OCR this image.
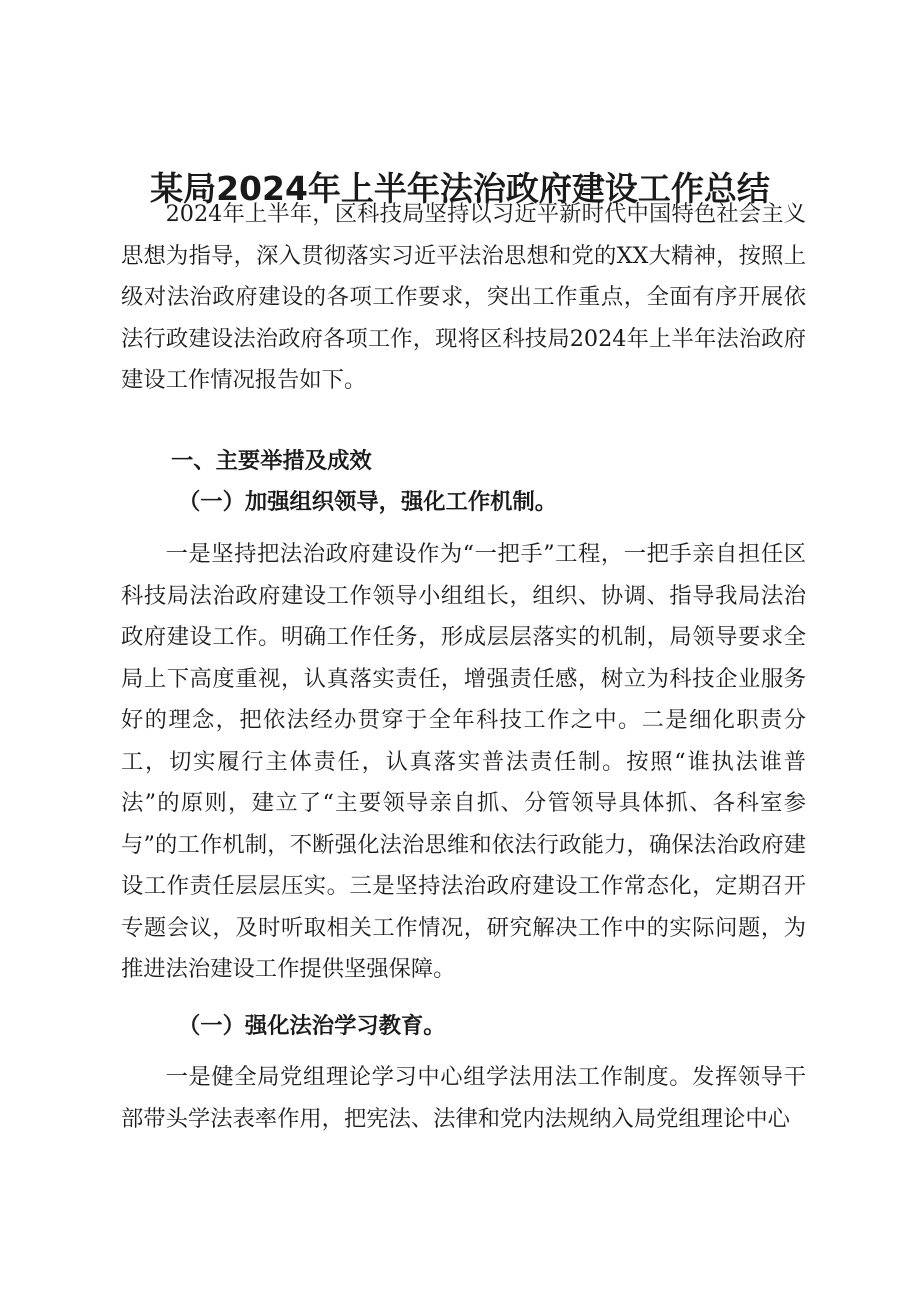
某局2024年上半年法治政府建设工作总结

2024年上半年，区科技局坚持以习近平新时代中国特色社会主义思想为指导，深入贯彻落实习近平法治思想和党的XX大精神，按照上级对法治政府建设的各项工作要求，突出工作重点，全面有序开展依法行政建设法治政府各项工作，现将区科技局2024年上半年法治政府建设工作情况报告如下。

一、主要举措及成效
（一）加强组织领导，强化工作机制。

一是坚持把法治政府建设作为“一把手”工程，一把手亲自担任区科技局法治政府建设工作领导小组组长，组织、协调、指导我局法治政府建设工作。明确工作任务，形成层层落实的机制，局领导要求全局上下高度重视，认真落实责任，增强责任感，树立为科技企业服务好的理念，把依法经办贯穿于全年科技工作之中。二是细化职责分工，切实履行主体责任，认真落实普法责任制。按照“谁执法谁普法”的原则，建立了“主要领导亲自抓、分管领导具体抓、各科室参与”的工作机制，不断强化法治思维和依法行政能力，确保法治政府建设工作责任层层压实。三是坚持法治政府建设工作常态化，定期召开专题会议，及时听取相关工作情况，研究解决工作中的实际问题，为推进法治建设工作提供坚强保障。

（一）强化法治学习教育。

一是健全局党组理论学习中心组学法用法工作制度。发挥领导干部带头学法表率作用，把宪法、法律和党内法规纳入局党组理论中心
